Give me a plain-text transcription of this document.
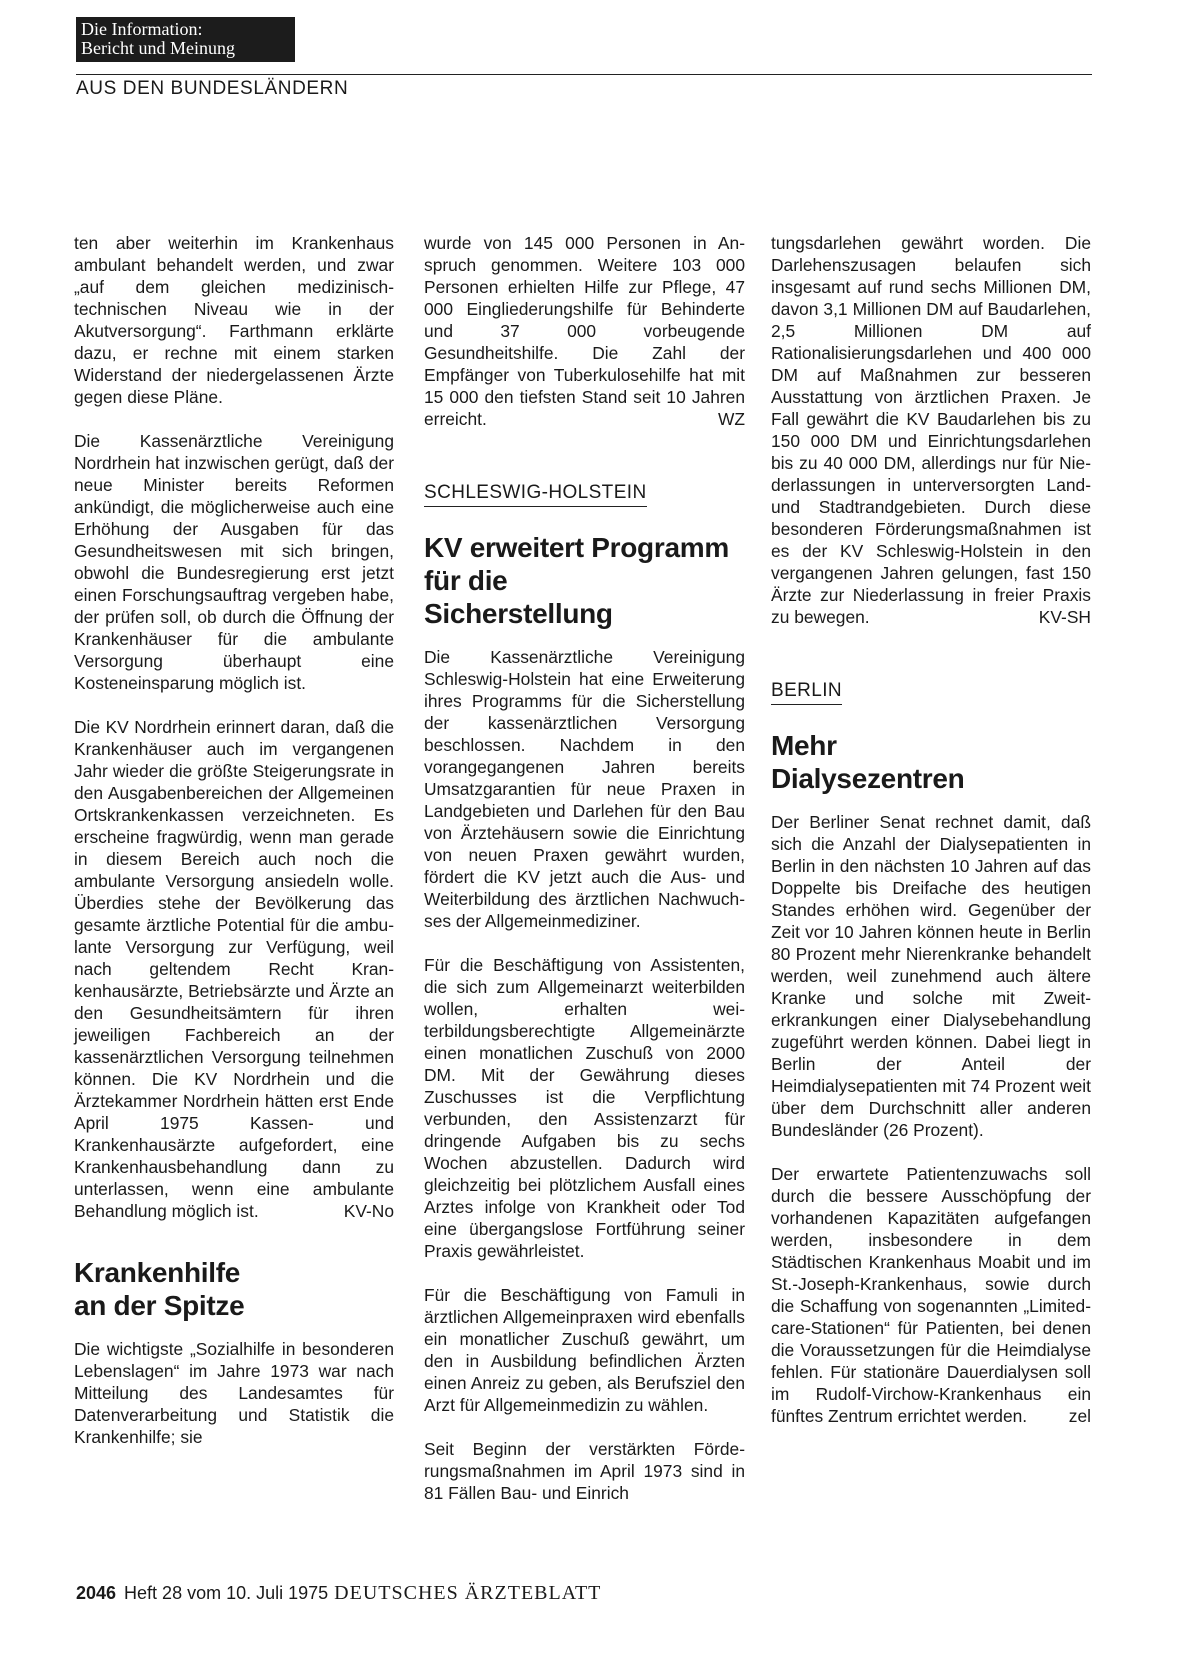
Die Information:
Bericht und Meinung
AUS DEN BUNDESLÄNDERN

ten aber weiterhin im Krankenhaus ambulant behandelt werden, und zwar „auf dem gleichen medizinisch-technischen Niveau wie in der Akutversorgung“. Farthmann erklärte dazu, er rechne mit einem starken Widerstand der niedergelassenen Ärzte gegen diese Pläne.

Die Kassenärztliche Vereinigung Nordrhein hat inzwischen gerügt, daß der neue Minister bereits Reformen ankündigt, die möglicherweise auch eine Erhöhung der Ausgaben für das Gesundheitswesen mit sich bringen, obwohl die Bundesregierung erst jetzt einen Forschungsauftrag vergeben habe, der prüfen soll, ob durch die Öffnung der Krankenhäuser für die ambulante Versorgung überhaupt eine Kosteneinsparung möglich ist.

Die KV Nordrhein erinnert daran, daß die Krankenhäuser auch im vergangenen Jahr wieder die größte Steigerungsrate in den Ausgabenbereichen der Allgemeinen Ortskrankenkassen verzeichneten. Es erscheine fragwürdig, wenn man gerade in diesem Bereich auch noch die ambulante Versorgung ansiedeln wolle. Überdies stehe der Bevölkerung das gesamte ärztliche Potential für die ambulante Versorgung zur Verfügung, weil nach geltendem Recht Krankenhausärzte, Betriebsärzte und Ärzte an den Gesundheitsämtern für ihren jeweiligen Fachbereich an der kassenärztlichen Versorgung teilnehmen können. Die KV Nordrhein und die Ärztekammer Nordrhein hätten erst Ende April 1975 Kassen- und Krankenhausärzte aufgefordert, eine Krankenhausbehandlung dann zu unterlassen, wenn eine ambulante Behandlung möglich ist.	KV-No

Krankenhilfe
an der Spitze

Die wichtigste „Sozialhilfe in besonderen Lebenslagen“ im Jahre 1973 war nach Mitteilung des Landesamtes für Datenverarbeitung und Statistik die Krankenhilfe; sie

wurde von 145 000 Personen in Anspruch genommen. Weitere 103 000 Personen erhielten Hilfe zur Pflege, 47 000 Eingliederungshilfe für Behinderte und 37 000 vorbeugende Gesundheitshilfe. Die Zahl der Empfänger von Tuberkulosehilfe hat mit 15 000 den tiefsten Stand seit 10 Jahren erreicht.	WZ

SCHLESWIG-HOLSTEIN
KV erweitert Programm
für die
Sicherstellung

Die Kassenärztliche Vereinigung Schleswig-Holstein hat eine Erweiterung ihres Programms für die Sicherstellung der kassenärztlichen Versorgung beschlossen. Nachdem in den vorangegangenen Jahren bereits Umsatzgarantien für neue Praxen in Landgebieten und Darlehen für den Bau von Ärztehäusern sowie die Einrichtung von neuen Praxen gewährt wurden, fördert die KV jetzt auch die Aus- und Weiterbildung des ärztlichen Nachwuchses der Allgemeinmediziner.

Für die Beschäftigung von Assistenten, die sich zum Allgemeinarzt weiterbilden wollen, erhalten weiterbildungsberechtigte Allgemeinärzte einen monatlichen Zuschuß von 2000 DM. Mit der Gewährung dieses Zuschusses ist die Verpflichtung verbunden, den Assistenzarzt für dringende Aufgaben bis zu sechs Wochen abzustellen. Dadurch wird gleichzeitig bei plötzlichem Ausfall eines Arztes infolge von Krankheit oder Tod eine übergangslose Fortführung seiner Praxis gewährleistet.

Für die Beschäftigung von Famuli in ärztlichen Allgemeinpraxen wird ebenfalls ein monatlicher Zuschuß gewährt, um den in Ausbildung befindlichen Ärzten einen Anreiz zu geben, als Berufsziel den Arzt für Allgemeinmedizin zu wählen.

Seit Beginn der verstärkten Förderungsmaßnahmen im April 1973 sind in 81 Fällen Bau- und Einrich

tungsdarlehen gewährt worden. Die Darlehenszusagen belaufen sich insgesamt auf rund sechs Millionen DM, davon 3,1 Millionen DM auf Baudarlehen, 2,5 Millionen DM auf Rationalisierungsdarlehen und 400 000 DM auf Maßnahmen zur besseren Ausstattung von ärztlichen Praxen. Je Fall gewährt die KV Baudarlehen bis zu 150 000 DM und Einrichtungsdarlehen bis zu 40 000 DM, allerdings nur für Niederlassungen in unterversorgten Land- und Stadtrandgebieten. Durch diese besonderen Förderungsmaßnahmen ist es der KV Schleswig-Holstein in den vergangenen Jahren gelungen, fast 150 Ärzte zur Niederlassung in freier Praxis zu bewegen.	KV-SH

BERLIN
Mehr
Dialysezentren

Der Berliner Senat rechnet damit, daß sich die Anzahl der Dialysepatienten in Berlin in den nächsten 10 Jahren auf das Doppelte bis Dreifache des heutigen Standes erhöhen wird. Gegenüber der Zeit vor 10 Jahren können heute in Berlin 80 Prozent mehr Nierenkranke behandelt werden, weil zunehmend auch ältere Kranke und solche mit Zweiterkrankungen einer Dialysebehandlung zugeführt werden können. Dabei liegt in Berlin der Anteil der Heimdialysepatienten mit 74 Prozent weit über dem Durchschnitt aller anderen Bundesländer (26 Prozent).

Der erwartete Patientenzuwachs soll durch die bessere Ausschöpfung der vorhandenen Kapazitäten aufgefangen werden, insbesondere in dem Städtischen Krankenhaus Moabit und im St.-Joseph-Krankenhaus, sowie durch die Schaffung von sogenannten „Limited-care-Stationen“ für Patienten, bei denen die Voraussetzungen für die Heimdialyse fehlen. Für stationäre Dauerdialysen soll im Rudolf-Virchow-Krankenhaus ein fünftes Zentrum errichtet werden. zel

2046 Heft 28 vom 10. Juli 1975 DEUTSCHES ÄRZTEBLATT
